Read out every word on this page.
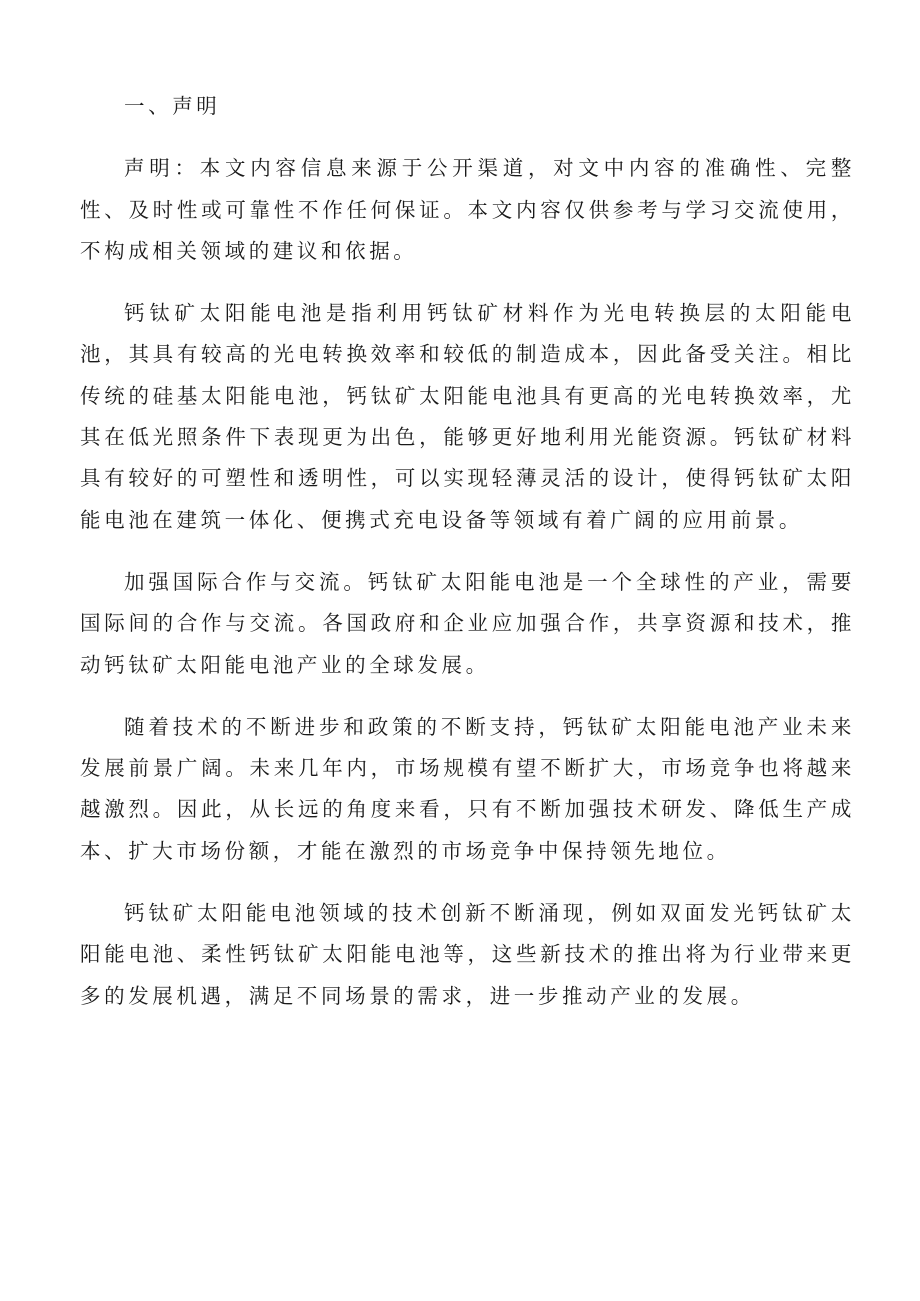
一、声明

声明：本文内容信息来源于公开渠道，对文中内容的准确性、完整性、及时性或可靠性不作任何保证。本文内容仅供参考与学习交流使用，不构成相关领域的建议和依据。

钙钛矿太阳能电池是指利用钙钛矿材料作为光电转换层的太阳能电池，其具有较高的光电转换效率和较低的制造成本，因此备受关注。相比传统的硅基太阳能电池，钙钛矿太阳能电池具有更高的光电转换效率，尤其在低光照条件下表现更为出色，能够更好地利用光能资源。钙钛矿材料具有较好的可塑性和透明性，可以实现轻薄灵活的设计，使得钙钛矿太阳能电池在建筑一体化、便携式充电设备等领域有着广阔的应用前景。

加强国际合作与交流。钙钛矿太阳能电池是一个全球性的产业，需要国际间的合作与交流。各国政府和企业应加强合作，共享资源和技术，推动钙钛矿太阳能电池产业的全球发展。

随着技术的不断进步和政策的不断支持，钙钛矿太阳能电池产业未来发展前景广阔。未来几年内，市场规模有望不断扩大，市场竞争也将越来越激烈。因此，从长远的角度来看，只有不断加强技术研发、降低生产成本、扩大市场份额，才能在激烈的市场竞争中保持领先地位。

钙钛矿太阳能电池领域的技术创新不断涌现，例如双面发光钙钛矿太阳能电池、柔性钙钛矿太阳能电池等，这些新技术的推出将为行业带来更多的发展机遇，满足不同场景的需求，进一步推动产业的发展。
